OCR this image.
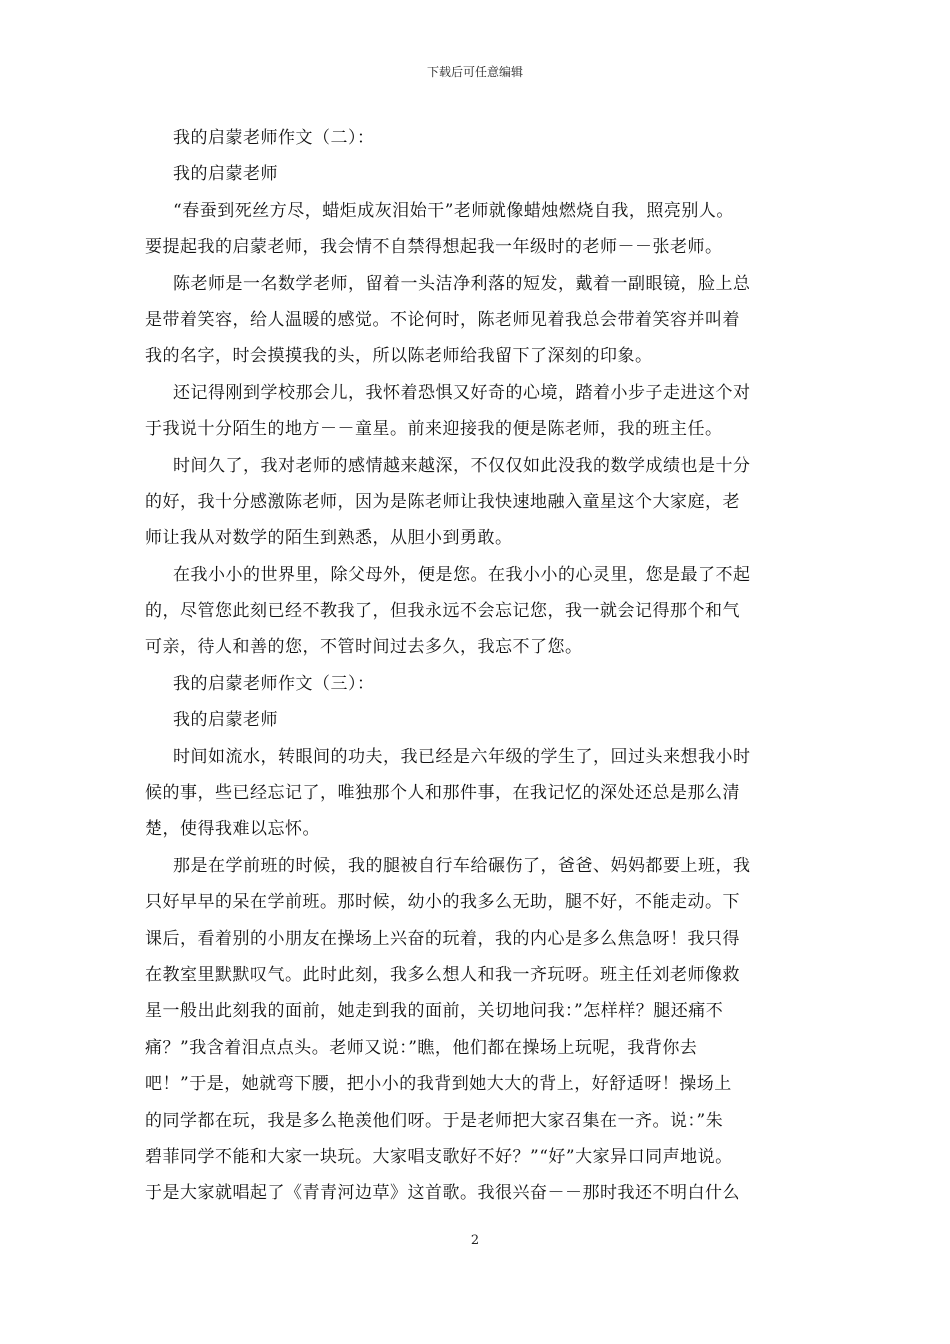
下载后可任意编辑
我的启蒙老师作文（二）：
我的启蒙老师
“春蚕到死丝方尽，蜡炬成灰泪始干”老师就像蜡烛燃烧自我，照亮别人。
要提起我的启蒙老师，我会情不自禁得想起我一年级时的老师－－张老师。
陈老师是一名数学老师，留着一头洁净利落的短发，戴着一副眼镜，脸上总
是带着笑容，给人温暖的感觉。不论何时，陈老师见着我总会带着笑容并叫着
我的名字，时会摸摸我的头，所以陈老师给我留下了深刻的印象。
还记得刚到学校那会儿，我怀着恐惧又好奇的心境，踏着小步子走进这个对
于我说十分陌生的地方－－童星。前来迎接我的便是陈老师，我的班主任。
时间久了，我对老师的感情越来越深，不仅仅如此没我的数学成绩也是十分
的好，我十分感激陈老师，因为是陈老师让我快速地融入童星这个大家庭，老
师让我从对数学的陌生到熟悉，从胆小到勇敢。
在我小小的世界里，除父母外，便是您。在我小小的心灵里，您是最了不起
的，尽管您此刻已经不教我了，但我永远不会忘记您，我一就会记得那个和气
可亲，待人和善的您，不管时间过去多久，我忘不了您。
我的启蒙老师作文（三）：
我的启蒙老师
时间如流水，转眼间的功夫，我已经是六年级的学生了，回过头来想我小时
候的事，些已经忘记了，唯独那个人和那件事，在我记忆的深处还总是那么清
楚，使得我难以忘怀。
那是在学前班的时候，我的腿被自行车给碾伤了，爸爸、妈妈都要上班，我
只好早早的呆在学前班。那时候，幼小的我多么无助，腿不好，不能走动。下
课后，看着别的小朋友在操场上兴奋的玩着，我的内心是多么焦急呀！我只得
在教室里默默叹气。此时此刻，我多么想人和我一齐玩呀。班主任刘老师像救
星一般出此刻我的面前，她走到我的面前，关切地问我：”怎样样？腿还痛不
痛？”我含着泪点点头。老师又说：”瞧，他们都在操场上玩呢，我背你去
吧！”于是，她就弯下腰，把小小的我背到她大大的背上，好舒适呀！操场上
的同学都在玩，我是多么艳羡他们呀。于是老师把大家召集在一齐。说：”朱
碧菲同学不能和大家一块玩。大家唱支歌好不好？”“好”大家异口同声地说。
于是大家就唱起了《青青河边草》这首歌。我很兴奋－－那时我还不明白什么
2
